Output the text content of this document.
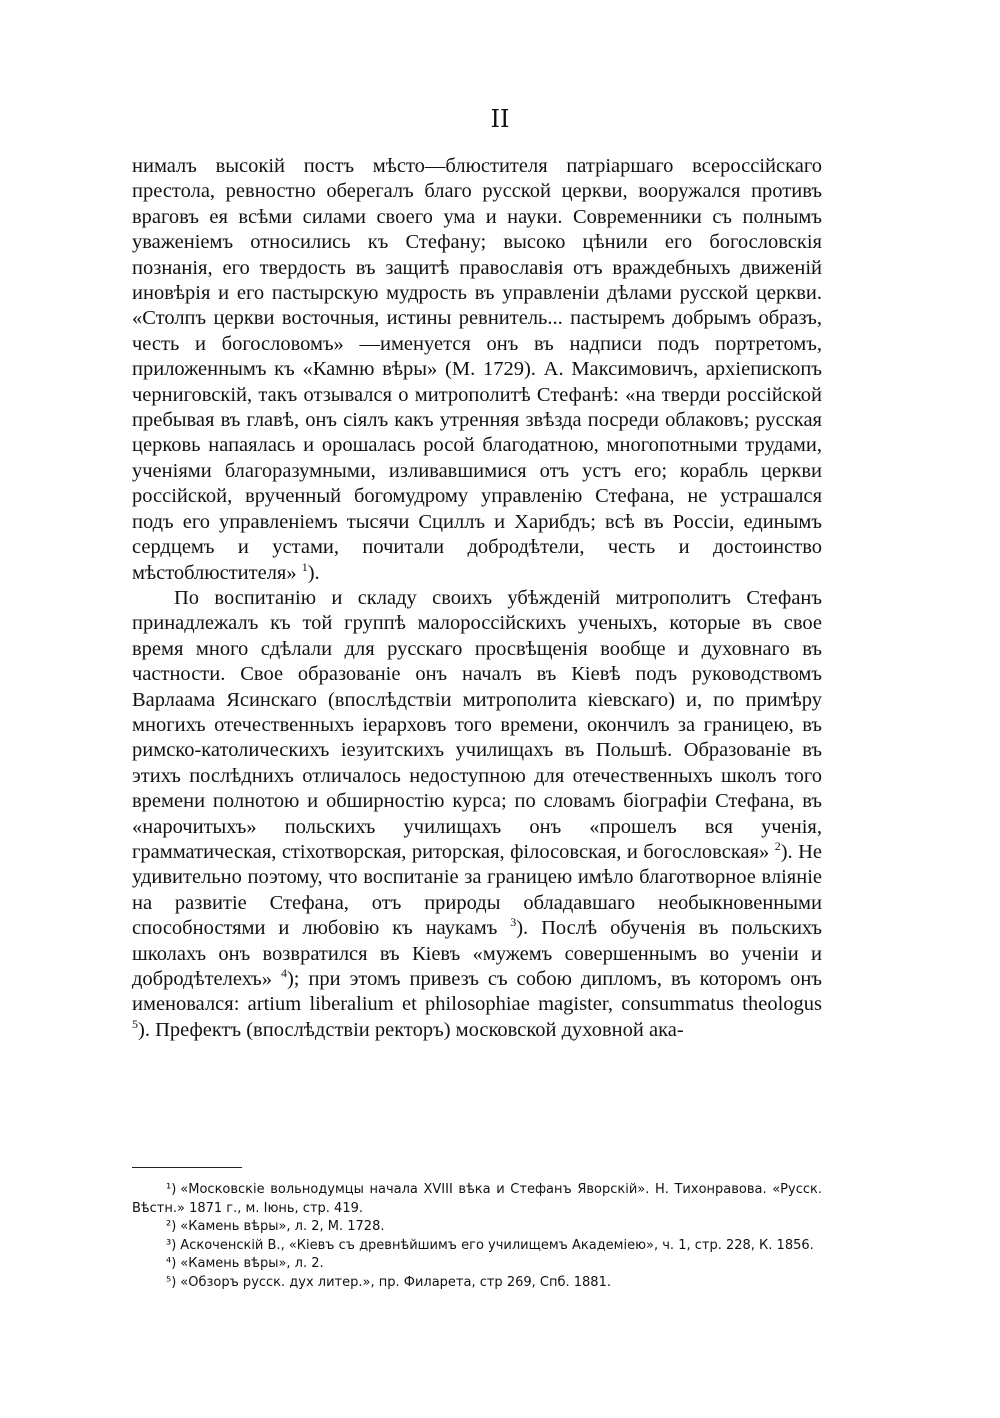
II

нималъ высокій постъ мѣсто—блюстителя патріаршаго всероссійскаго престола, ревностно оберегалъ благо русской церкви, вооружался противъ враговъ ея всѣми силами своего ума и науки. Современники съ полнымъ уваженіемъ относились къ Стефану; высоко цѣнили его богословскія познанія, его твердость въ защитѣ православія отъ враждебныхъ движеній иновѣрія и его пастырскую мудрость въ управленіи дѣлами русской церкви. «Столпъ церкви восточныя, истины ревнитель... пастыремъ добрымъ образъ, честь и богословомъ» —именуется онъ въ надписи подъ портретомъ, приложеннымъ къ «Камню вѣры» (М. 1729). А. Максимовичъ, архіепископъ черниговскій, такъ отзывался о митрополитѣ Стефанѣ: «на тверди россійской пребывая въ главѣ, онъ сіялъ какъ утренняя звѣзда посреди облаковъ; русская церковь напаялась и орошалась росой благодатною, многопотными трудами, ученіями благоразумными, изливавшимися отъ устъ его; корабль церкви россійской, врученный богомудрому управленію Стефана, не устрашался подъ его управленіемъ тысячи Сциллъ и Харибдъ; всѣ въ Россіи, единымъ сердцемъ и устами, почитали добродѣтели, честь и достоинство мѣстоблюстителя» $^1$).

По воспитанію и складу своихъ убѣжденій митрополитъ Стефанъ принадлежалъ къ той группѣ малороссійскихъ ученыхъ, которые въ свое время много сдѣлали для русскаго просвѣщенія вообще и духовнаго въ частности. Свое образованіе онъ началъ въ Кіевѣ подъ руководствомъ Варлаама Ясинскаго (впослѣдствіи митрополита кіевскаго) и, по примѣру многихъ отечественныхъ іерарховъ того времени, окончилъ за границею, въ римско-католическихъ іезуитскихъ училищахъ въ Польшѣ. Образованіе въ этихъ послѣднихъ отличалось недоступною для отечественныхъ школъ того времени полнотою и обширностію курса; по словамъ біографіи Стефана, въ «нарочитыхъ» польскихъ училищахъ онъ «прошелъ вся ученія, грамматическая, стіхотворская, риторская, філосовская, и богословская» $^2$). Не удивительно поэтому, что воспитаніе за границею имѣло благотворное вліяніе на развитіе Стефана, отъ природы обладавшаго необыкновенными способностями и любовію къ наукамъ $^3$). Послѣ обученія въ польскихъ школахъ онъ возвратился въ Кіевъ «мужемъ совершеннымъ во ученіи и добродѣтелехъ» $^4$); при этомъ привезъ съ собою дипломъ, въ которомъ онъ именовался: artium liberalium et philosophiae magister, consummatus theologus $^5$). Префектъ (впослѣдствіи ректоръ) московской духовной ака-

¹) «Московскіе вольнодумцы начала XVIII вѣка и Стефанъ Яворскій». Н. Тихонравова. «Русск. Вѣстн.» 1871 г., м. Іюнь, стр. 419.
²) «Камень вѣры», л. 2, М. 1728.
³) Аскоченскій В., «Кіевъ съ древнѣйшимъ его училищемъ Академіею», ч. 1, стр. 228, К. 1856.
⁴) «Камень вѣры», л. 2.
⁵) «Обзоръ русск. дух литер.», пр. Филарета, стр 269, Спб. 1881.
